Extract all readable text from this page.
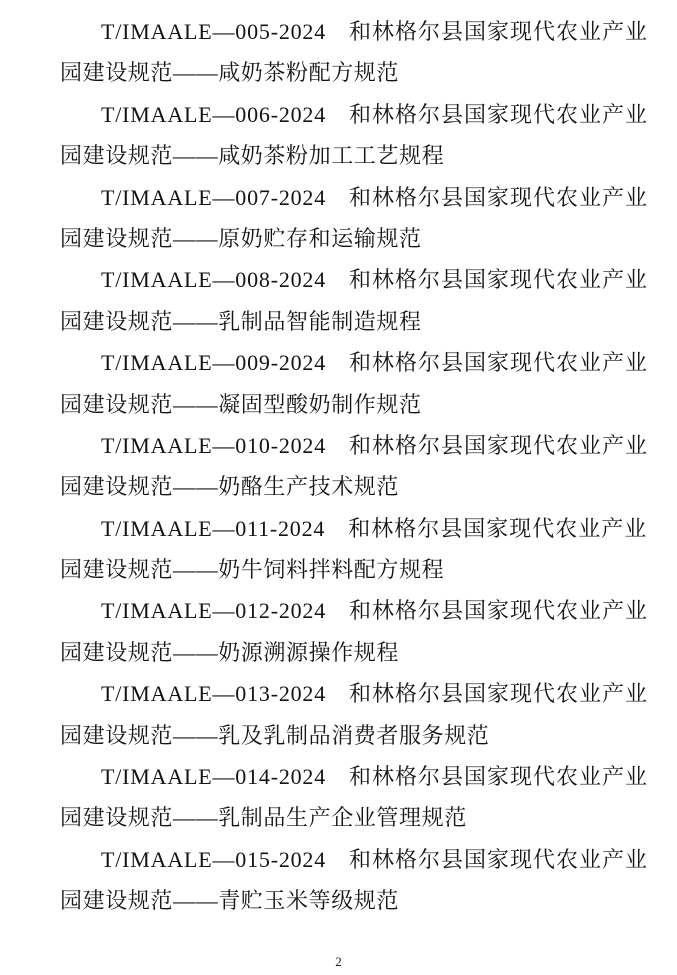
T/IMAALE—005-2024 和林格尔县国家现代农业产业
园建设规范——咸奶茶粉配方规范
T/IMAALE—006-2024 和林格尔县国家现代农业产业
园建设规范——咸奶茶粉加工工艺规程
T/IMAALE—007-2024 和林格尔县国家现代农业产业
园建设规范——原奶贮存和运输规范
T/IMAALE—008-2024 和林格尔县国家现代农业产业
园建设规范——乳制品智能制造规程
T/IMAALE—009-2024 和林格尔县国家现代农业产业
园建设规范——凝固型酸奶制作规范
T/IMAALE—010-2024 和林格尔县国家现代农业产业
园建设规范——奶酪生产技术规范
T/IMAALE—011-2024 和林格尔县国家现代农业产业
园建设规范——奶牛饲料拌料配方规程
T/IMAALE—012-2024 和林格尔县国家现代农业产业
园建设规范——奶源溯源操作规程
T/IMAALE—013-2024 和林格尔县国家现代农业产业
园建设规范——乳及乳制品消费者服务规范
T/IMAALE—014-2024 和林格尔县国家现代农业产业
园建设规范——乳制品生产企业管理规范
T/IMAALE—015-2024 和林格尔县国家现代农业产业
园建设规范——青贮玉米等级规范
2
